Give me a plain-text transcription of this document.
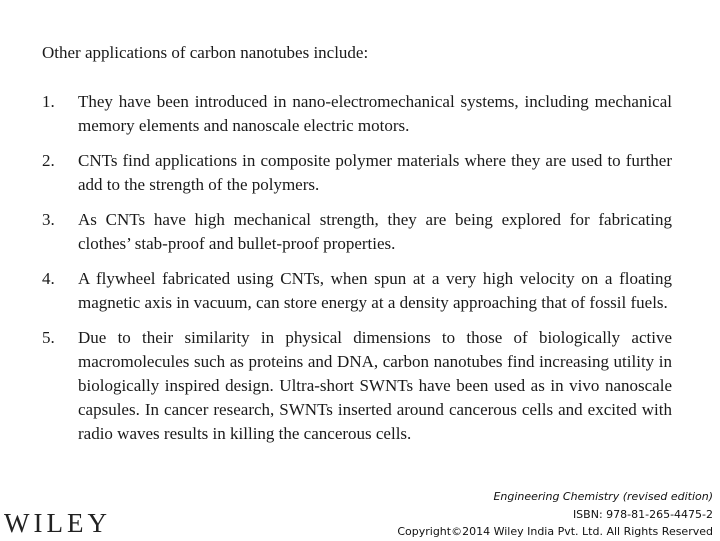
Other applications of carbon nanotubes include:
1. They have been introduced in nano-electromechanical systems, including mechanical memory elements and nanoscale electric motors.
2. CNTs find applications in composite polymer materials where they are used to further add to the strength of the polymers.
3. As CNTs have high mechanical strength, they are being explored for fabricating clothes’ stab-proof and bullet-proof properties.
4. A flywheel fabricated using CNTs, when spun at a very high velocity on a floating magnetic axis in vacuum, can store energy at a density approaching that of fossil fuels.
5. Due to their similarity in physical dimensions to those of biologically active macromolecules such as proteins and DNA, carbon nanotubes find increasing utility in biologically inspired design. Ultra-short SWNTs have been used as in vivo nanoscale capsules. In cancer research, SWNTs inserted around cancerous cells and excited with radio waves results in killing the cancerous cells.
WILEY
Engineering Chemistry (revised edition)
ISBN: 978-81-265-4475-2
Copyright©2014 Wiley India Pvt. Ltd. All Rights Reserved
